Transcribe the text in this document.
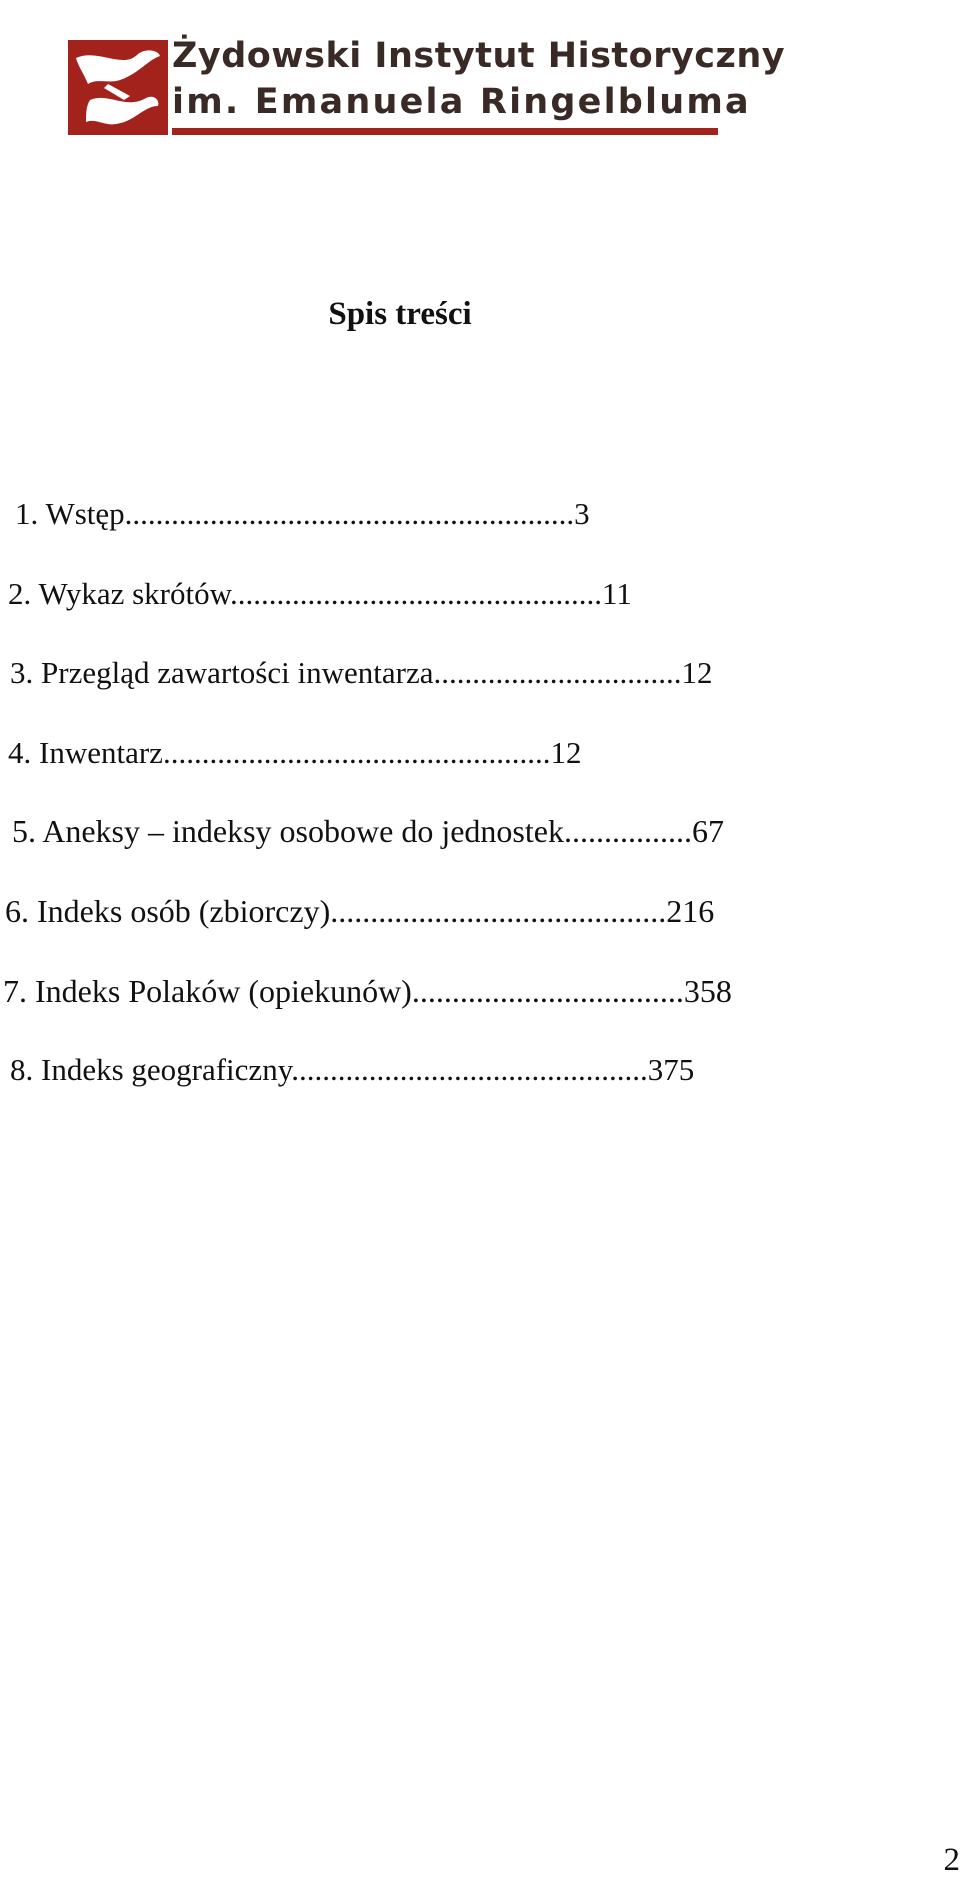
Żydowski Instytut Historyczny
im. Emanuela Ringelbluma
Spis treści
1. Wstęp..........................................................3
2. Wykaz skrótów................................................11
3. Przegląd zawartości inwentarza................................12
4. Inwentarz..................................................12
5. Aneksy – indeksy osobowe do jednostek................67
6. Indeks osób (zbiorczy)..........................................216
7. Indeks Polaków (opiekunów)..................................358
8. Indeks geograficzny..............................................375
2
